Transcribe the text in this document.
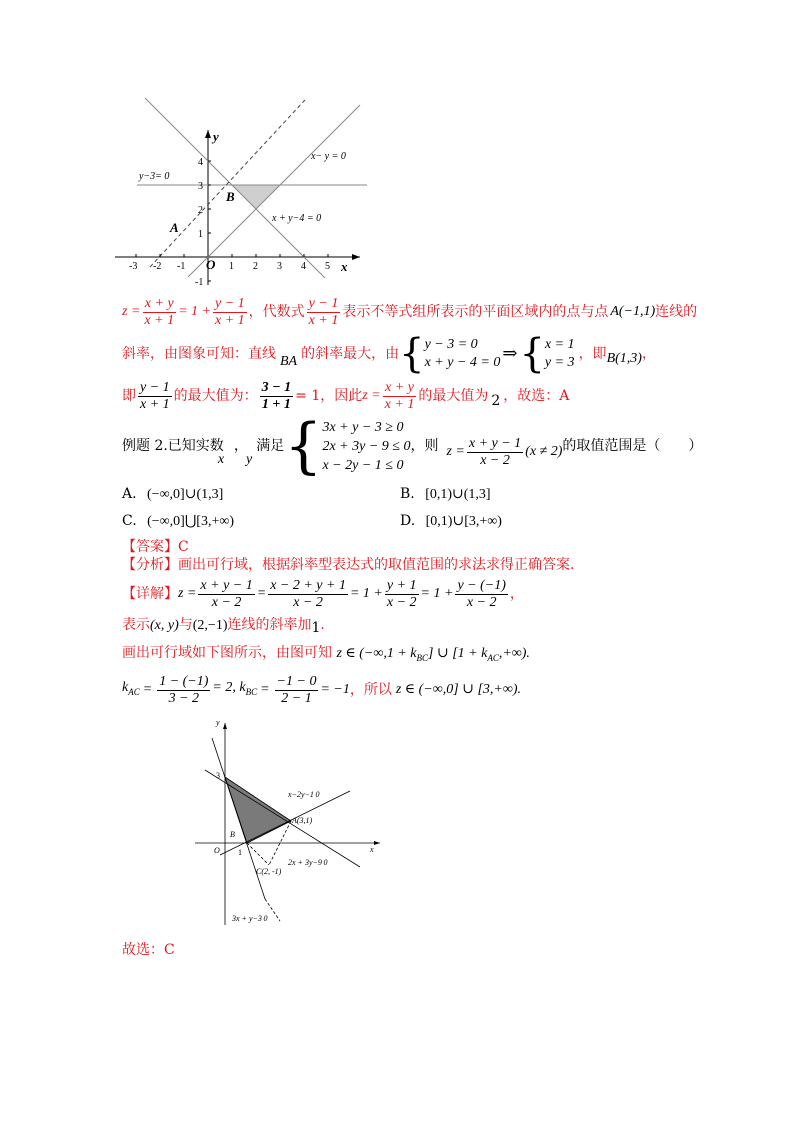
-3 -2 -1	1 2 3 4 5
4
3
2
1
-1
y−3= 0
x− y = 0
x + y−4 = 0
y
x
O
A
B
$z = \frac{x + y}{x + 1} = 1 + \frac{y - 1}{x + 1}$ ，代数式 $\frac{y - 1}{x + 1}$ 表示不等式组所表示的平面区域内的点与点 A(−1,1) 连线的
斜率，由图象可知：直线 BA 的斜率最大，由 { y − 3 = 0
x + y − 4 = 0 ⇒ { x = 1
y = 3
，即 B(1,3) ，
即 $\frac{y - 1}{x + 1}$ 的最大值为： $\frac{3 - 1}{1 + 1} = 1$，因此 $z = \frac{x + y}{x + 1}$ 的最大值为 2 ，故选：A
例题 2.已知实数 ，
x y
满足 { 3x + y − 3 ≥ 0
2x + 3y − 9 ≤ 0
x − 2y − 1 ≤ 0
，则 $z = \frac{x + y - 1}{x - 2} (x \ne 2)$ 的取值范围是（　　）
A. (−∞,0]∪(1,3]	B. [0,1)∪(1,3]
C. (−∞,0]⋃[3,+∞)	D. [0,1)∪[3,+∞)
【答案】C
【分析】画出可行域，根据斜率型表达式的取值范围的求法求得正确答案.
【详解】 $z = \frac{x + y - 1}{x - 2} = \frac{x - 2 + y + 1}{x - 2} = 1 + \frac{y + 1}{x - 2} = 1 + \frac{y - (-1)}{x - 2}$ ，
表示(x, y)与(2,−1)连线的斜率加1.
画出可行域如下图所示，由图可知 z ∈ $(-\infty,1 + k_{BC}]$ ∪ $[1 + k_{AC},+\infty)$.
$k_{AC} = \frac{1 - (-1)}{3 - 2} = 2$, $k_{BC} = \frac{-1 - 0}{2 - 1} = -1$ ，所以 z ∈ (−∞,0] ∪ [3,+∞).
y
x
O
3
1
B
A(3,1)
C(2, -1)
x−2y−1 0
2x + 3y−9 0
3x + y−3 0
故选：C
